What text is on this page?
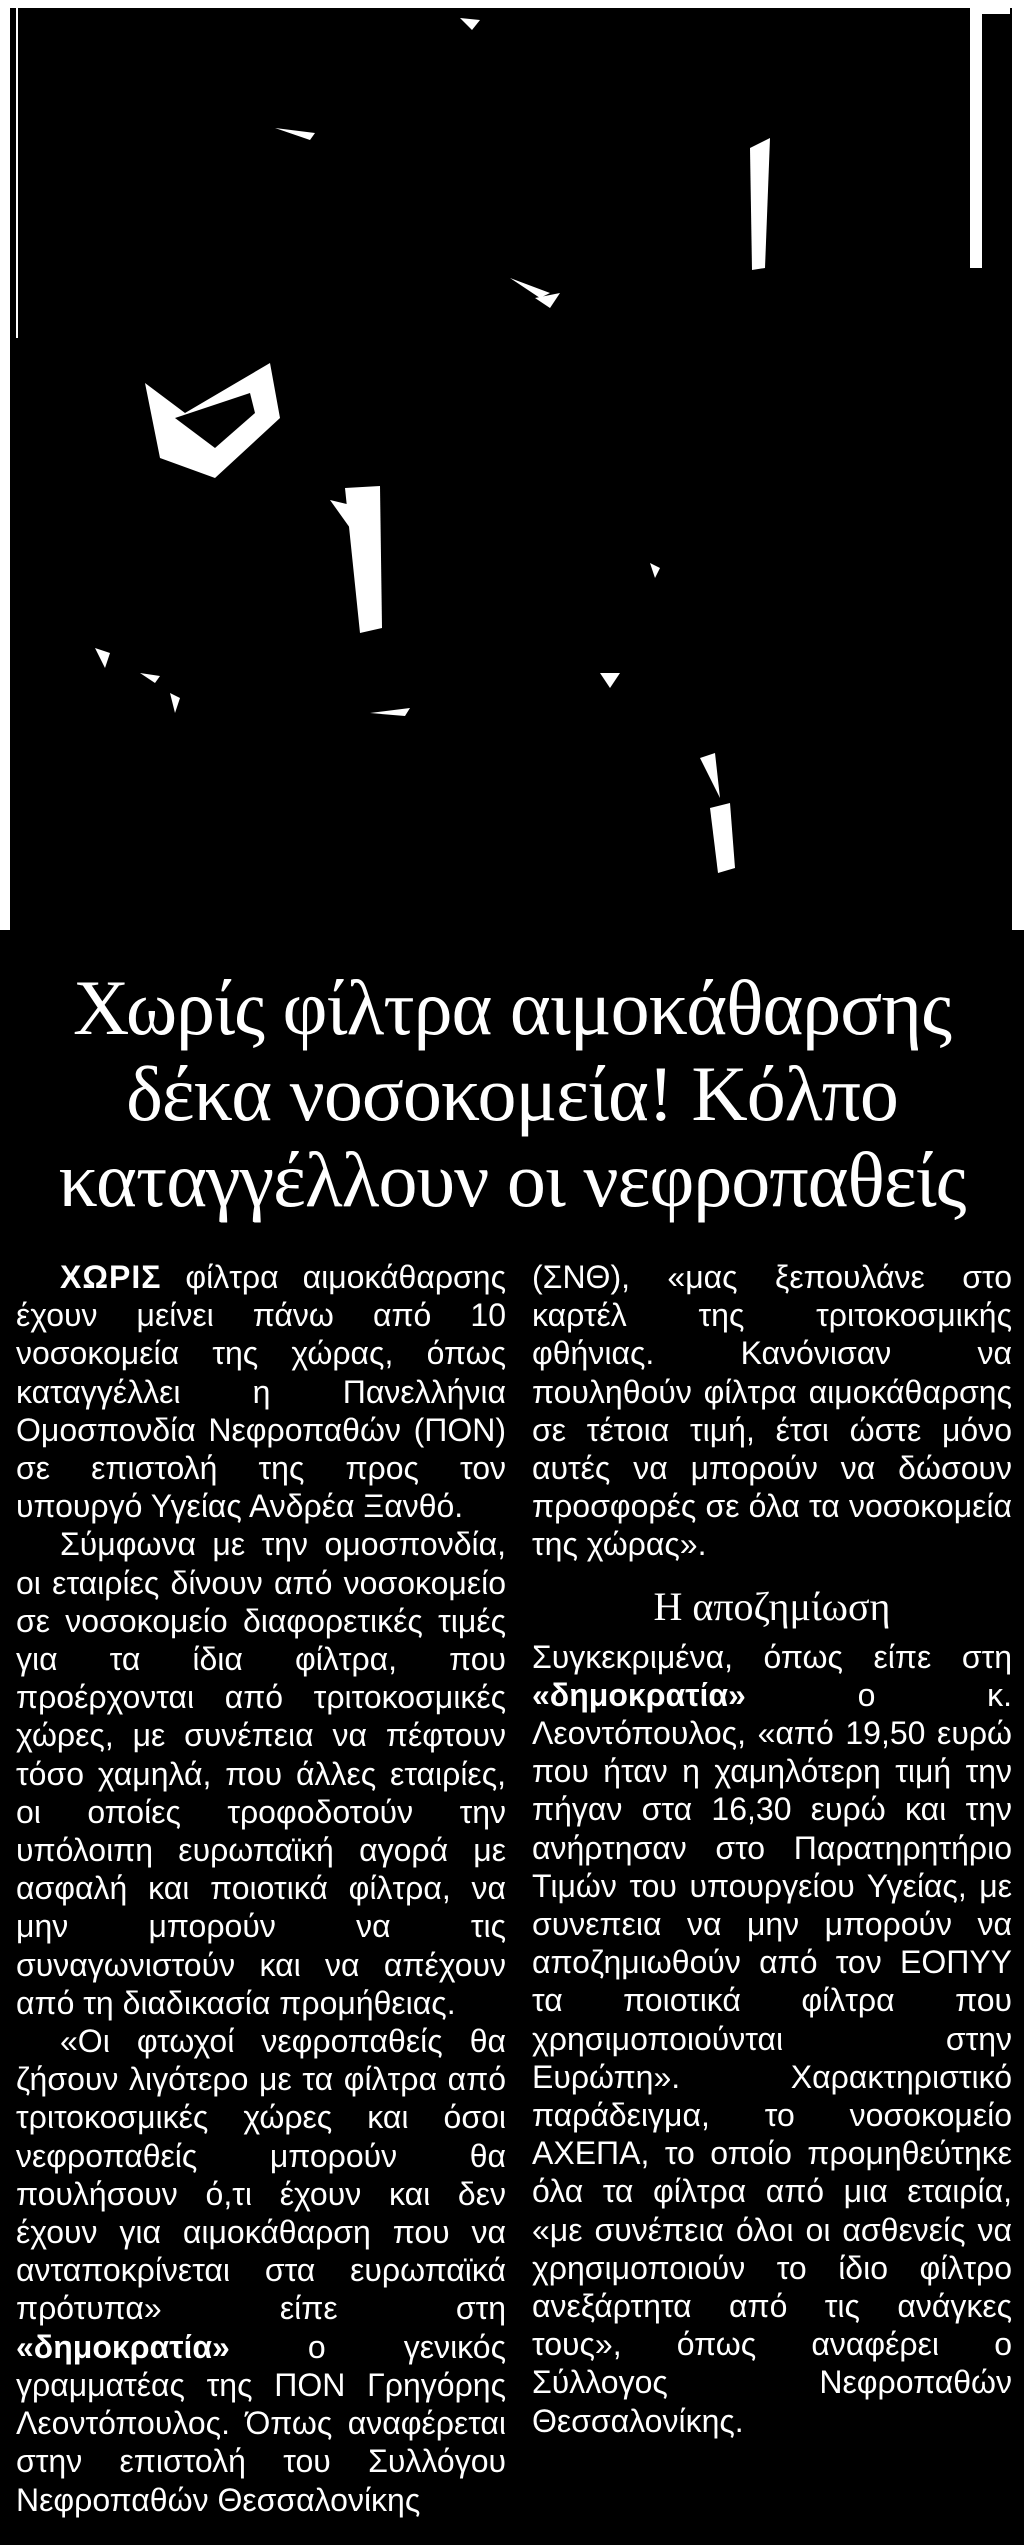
Χωρίς φίλτρα αιμοκάθαρσης
δέκα νοσοκομεία! Κόλπο
καταγγέλλουν οι νεφροπαθείς

ΧΩΡΙΣ φίλτρα αιμοκάθαρσης έχουν μείνει πάνω από 10 νοσοκομεία της χώρας, όπως καταγγέλλει η Πανελλήνια Ομοσπονδία Νεφροπαθών (ΠΟΝ) σε επιστολή της προς τον υπουργό Υγείας Ανδρέα Ξανθό.

Σύμφωνα με την ομοσπονδία, οι εταιρίες δίνουν από νοσοκομείο σε νοσοκομείο διαφορετικές τιμές για τα ίδια φίλτρα, που προέρχονται από τριτοκοσμικές χώρες, με συνέπεια να πέφτουν τόσο χαμηλά, που άλλες εταιρίες, οι οποίες τροφοδοτούν την υπόλοιπη ευρωπαϊκή αγορά με ασφαλή και ποιοτικά φίλτρα, να μην μπορούν να τις συναγωνιστούν και να απέχουν από τη διαδικασία προμήθειας.

«Οι φτωχοί νεφροπαθείς θα ζήσουν λιγότερο με τα φίλτρα από τριτοκοσμικές χώρες και όσοι νεφροπαθείς μπορούν θα πουλήσουν ό,τι έχουν και δεν έχουν για αιμοκάθαρση που να ανταποκρίνεται στα ευρωπαϊκά πρότυπα» είπε στη «δημοκρατία» ο γενικός γραμματέας της ΠΟΝ Γρηγόρης Λεοντόπουλος. Όπως αναφέρεται στην επιστολή του Συλλόγου Νεφροπαθών Θεσσαλονίκης

(ΣΝΘ), «μας ξεπουλάνε στο καρτέλ της τριτοκοσμικής φθήνιας. Κανόνισαν να πουληθούν φίλτρα αιμοκάθαρσης σε τέτοια τιμή, έτσι ώστε μόνο αυτές να μπορούν να δώσουν προσφορές σε όλα τα νοσοκομεία της χώρας».

Η αποζημίωση

Συγκεκριμένα, όπως είπε στη «δημοκρατία» ο κ. Λεοντόπουλος, «από 19,50 ευρώ που ήταν η χαμηλότερη τιμή την πήγαν στα 16,30 ευρώ και την ανήρτησαν στο Παρατηρητήριο Τιμών του υπουργείου Υγείας, με συνεπεια να μην μπορούν να αποζημιωθούν από τον ΕΟΠΥΥ τα ποιοτικά φίλτρα που χρησιμοποιούνται στην Ευρώπη». Χαρακτηριστικό παράδειγμα, το νοσοκομείο ΑΧΕΠΑ, το οποίο προμηθεύτηκε όλα τα φίλτρα από μια εταιρία, «με συνέπεια όλοι οι ασθενείς να χρησιμοποιούν το ίδιο φίλτρο ανεξάρτητα από τις ανάγκες τους», όπως αναφέρει ο Σύλλογος Νεφροπαθών Θεσσαλονίκης.
